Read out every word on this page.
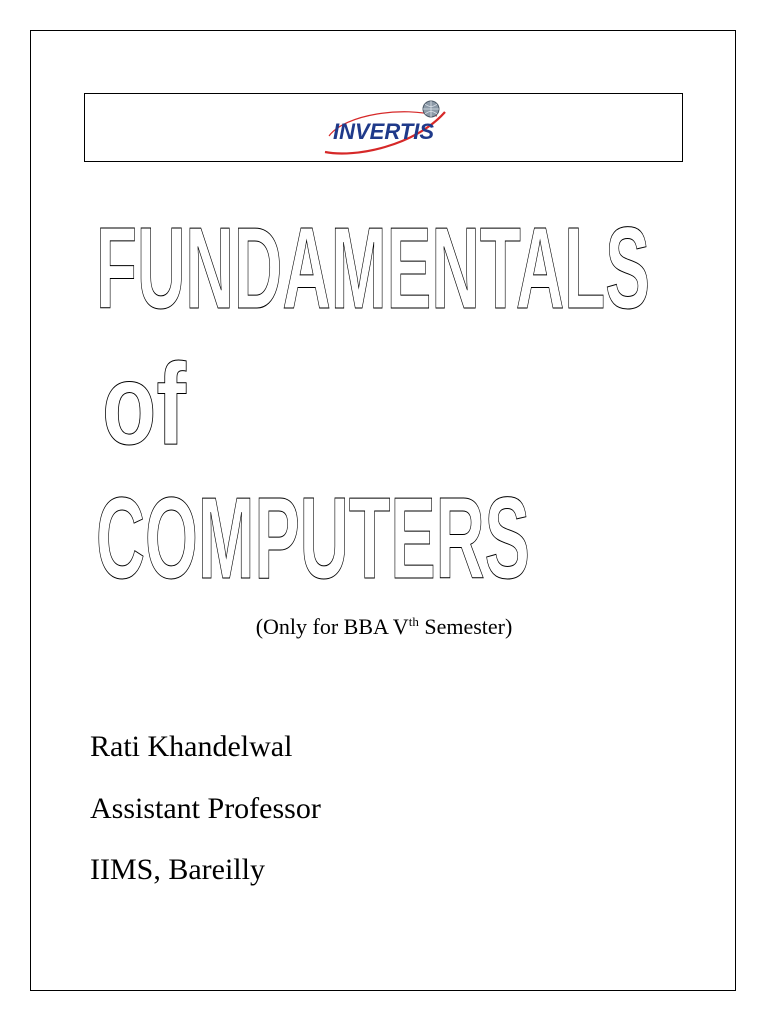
INVERTIS
FUNDAMENTALS
of
COMPUTERS
(Only for BBA Vth Semester)
Rati Khandelwal
Assistant Professor
IIMS, Bareilly
